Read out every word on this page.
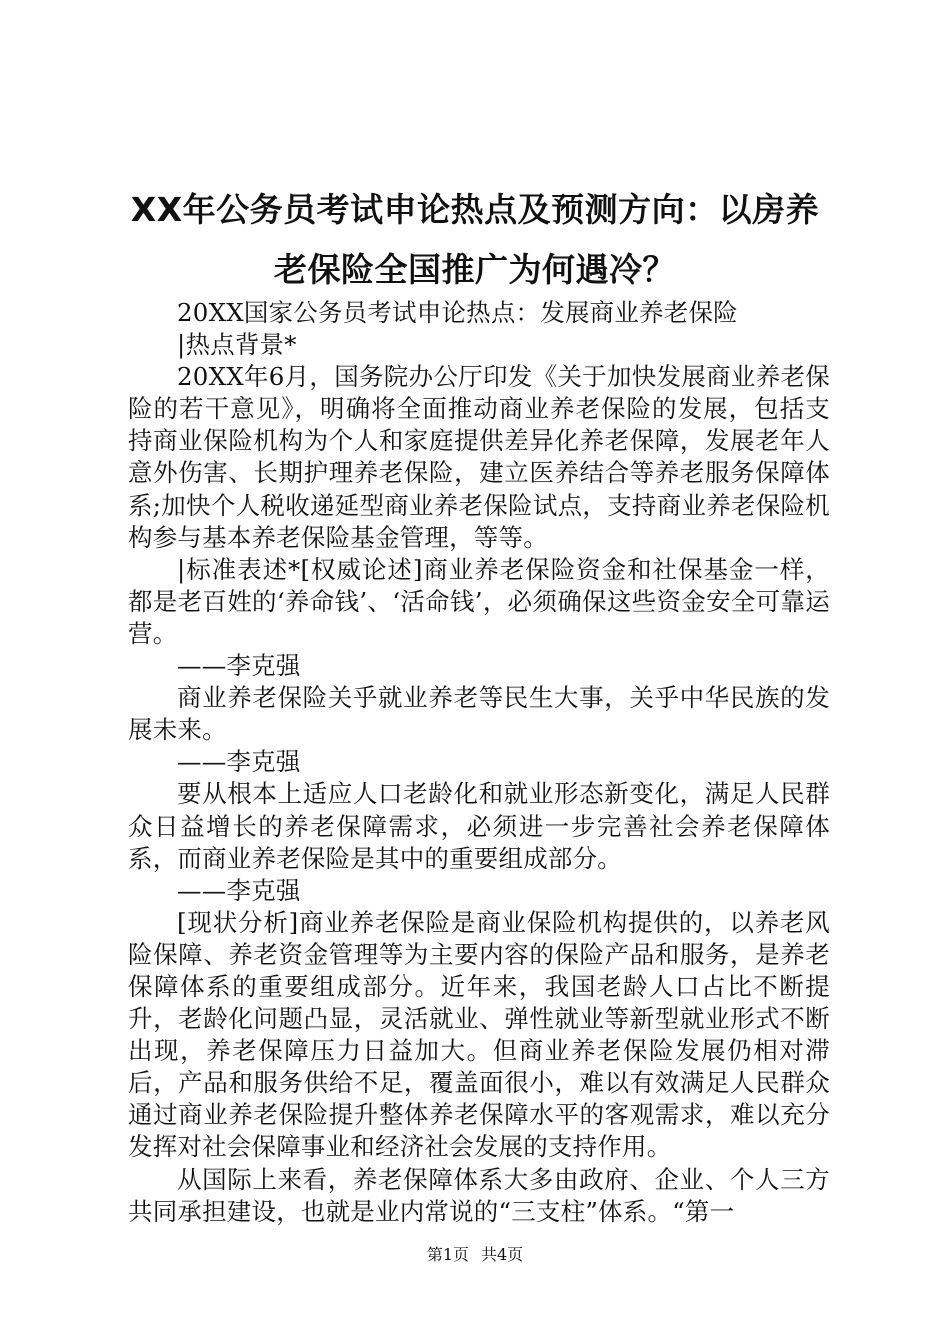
XX年公务员考试申论热点及预测方向：以房养老保险全国推广为何遇冷？

20XX国家公务员考试申论热点：发展商业养老保险

|热点背景*

20XX年6月，国务院办公厅印发《关于加快发展商业养老保险的若干意见》，明确将全面推动商业养老保险的发展，包括支持商业保险机构为个人和家庭提供差异化养老保障，发展老年人意外伤害、长期护理养老保险，建立医养结合等养老服务保障体系;加快个人税收递延型商业养老保险试点，支持商业养老保险机构参与基本养老保险基金管理，等等。

|标准表述*[权威论述]商业养老保险资金和社保基金一样，都是老百姓的‘养命钱’、‘活命钱’，必须确保这些资金安全可靠运营。

——李克强

商业养老保险关乎就业养老等民生大事，关乎中华民族的发展未来。

——李克强

要从根本上适应人口老龄化和就业形态新变化，满足人民群众日益增长的养老保障需求，必须进一步完善社会养老保障体系，而商业养老保险是其中的重要组成部分。

——李克强

[现状分析]商业养老保险是商业保险机构提供的，以养老风险保障、养老资金管理等为主要内容的保险产品和服务，是养老保障体系的重要组成部分。近年来，我国老龄人口占比不断提升，老龄化问题凸显，灵活就业、弹性就业等新型就业形式不断出现，养老保障压力日益加大。但商业养老保险发展仍相对滞后，产品和服务供给不足，覆盖面很小，难以有效满足人民群众通过商业养老保险提升整体养老保障水平的客观需求，难以充分发挥对社会保障事业和经济社会发展的支持作用。

从国际上来看，养老保障体系大多由政府、企业、个人三方共同承担建设，也就是业内常说的“三支柱”体系。“第一

第1页 共4页
